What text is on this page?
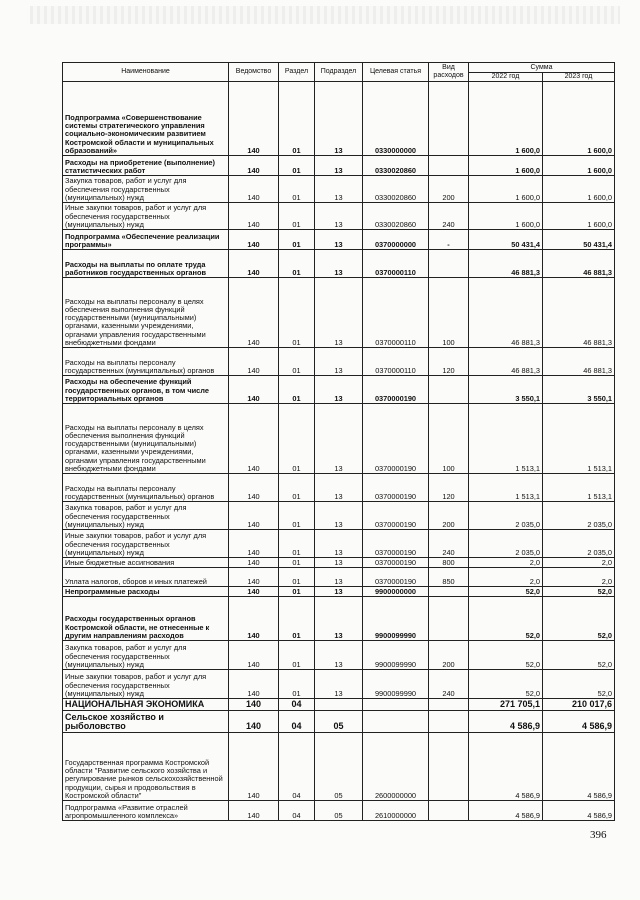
Наименование	Ведомство	Раздел	Подраздел	Целевая статья	Вид расходов	Сумма	
						2022 год	2023 год
Подпрограмма «Совершенствование системы стратегического управления социально-экономическим развитием Костромской области и муниципальных образований»	140	01	13	0330000000		1 600,0	1 600,0
Расходы на приобретение (выполнение) статистических работ	140	01	13	0330020860		1 600,0	1 600,0
Закупка товаров, работ и услуг для обеспечения государственных (муниципальных) нужд	140	01	13	0330020860	200	1 600,0	1 600,0
Иные закупки товаров, работ и услуг для обеспечения государственных (муниципальных) нужд	140	01	13	0330020860	240	1 600,0	1 600,0
Подпрограмма «Обеспечение реализации программы»	140	01	13	0370000000	-	50 431,4	50 431,4
Расходы на выплаты по оплате труда работников государственных органов	140	01	13	0370000110		46 881,3	46 881,3
Расходы на выплаты персоналу в целях обеспечения выполнения функций государственными (муниципальными) органами, казенными учреждениями, органами управления государственными внебюджетными фондами	140	01	13	0370000110	100	46 881,3	46 881,3
Расходы на выплаты персоналу государственных (муниципальных) органов	140	01	13	0370000110	120	46 881,3	46 881,3
Расходы на обеспечение функций государственных органов, в том числе территориальных органов	140	01	13	0370000190		3 550,1	3 550,1
Расходы на выплаты персоналу в целях обеспечения выполнения функций государственными (муниципальными) органами, казенными учреждениями, органами управления государственными внебюджетными фондами	140	01	13	0370000190	100	1 513,1	1 513,1
Расходы на выплаты персоналу государственных (муниципальных) органов	140	01	13	0370000190	120	1 513,1	1 513,1
Закупка товаров, работ и услуг для обеспечения государственных (муниципальных) нужд	140	01	13	0370000190	200	2 035,0	2 035,0
Иные закупки товаров, работ и услуг для обеспечения государственных (муниципальных) нужд	140	01	13	0370000190	240	2 035,0	2 035,0
Иные бюджетные ассигнования	140	01	13	0370000190	800	2,0	2,0
Уплата налогов, сборов и иных платежей	140	01	13	0370000190	850	2,0	2,0
Непрограммные расходы	140	01	13	9900000000		52,0	52,0
Расходы государственных органов Костромской области, не отнесенные к другим направлениям расходов	140	01	13	9900099990		52,0	52,0
Закупка товаров, работ и услуг для обеспечения государственных (муниципальных) нужд	140	01	13	9900099990	200	52,0	52,0
Иные закупки товаров, работ и услуг для обеспечения государственных (муниципальных) нужд	140	01	13	9900099990	240	52,0	52,0
НАЦИОНАЛЬНАЯ ЭКОНОМИКА	140	04				271 705,1	210 017,6
Сельское хозяйство и рыболовство	140	04	05			4 586,9	4 586,9
Государственная программа Костромской области "Развитие сельского хозяйства и регулирование рынков сельскохозяйственной продукции, сырья и продовольствия в Костромской области"	140	04	05	2600000000		4 586,9	4 586,9
Подпрограмма «Развитие отраслей агропромышленного комплекса»	140	04	05	2610000000		4 586,9	4 586,9
396
